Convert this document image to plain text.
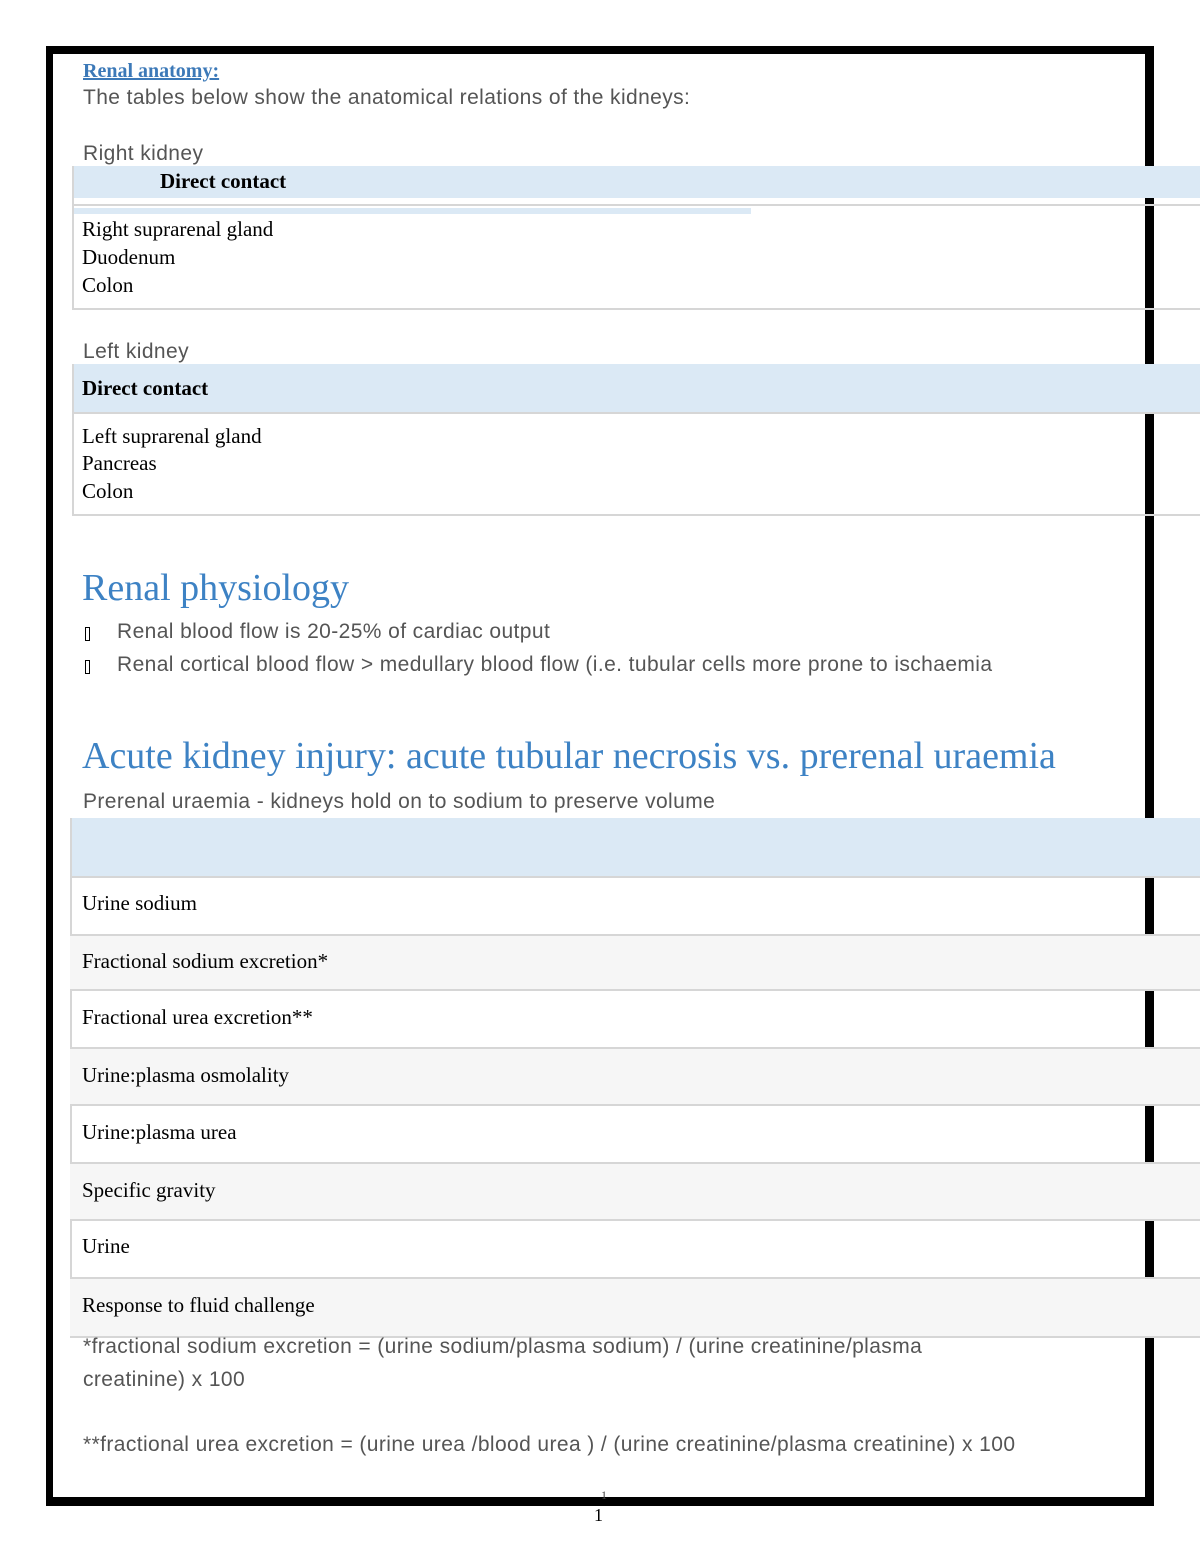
Renal anatomy:
The tables below show the anatomical relations of the kidneys:
Right kidney
Direct contact
Right suprarenal gland
Duodenum
Colon
Left kidney
Direct contact
Left suprarenal gland
Pancreas
Colon
Renal physiology
Renal blood flow is 20-25% of cardiac output
Renal cortical blood flow > medullary blood flow (i.e. tubular cells more prone to ischaemia
Acute kidney injury: acute tubular necrosis vs. prerenal uraemia
Prerenal uraemia - kidneys hold on to sodium to preserve volume
Urine sodium
Fractional sodium excretion*
Fractional urea excretion**
Urine:plasma osmolality
Urine:plasma urea
Specific gravity
Urine
Response to fluid challenge
*fractional sodium excretion = (urine sodium/plasma sodium) / (urine creatinine/plasma
creatinine) x 100
**fractional urea excretion = (urine urea /blood urea ) / (urine creatinine/plasma creatinine) x 100
1
1
